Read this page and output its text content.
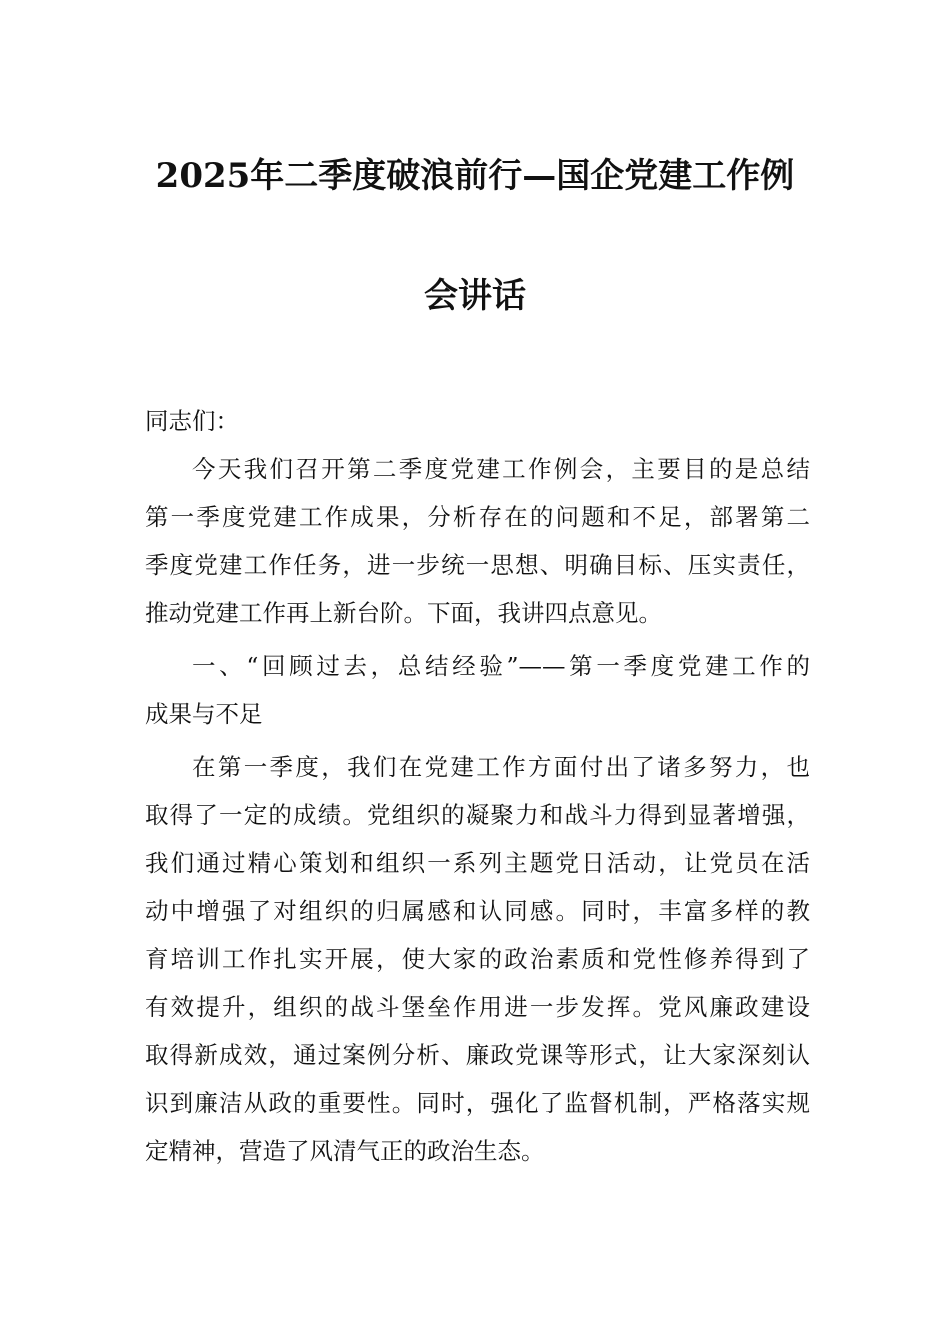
2025年二季度破浪前行—国企党建工作例
会讲话
同志们：
今天我们召开第二季度党建工作例会，主要目的是总结
第一季度党建工作成果，分析存在的问题和不足，部署第二
季度党建工作任务，进一步统一思想、明确目标、压实责任，
推动党建工作再上新台阶。下面，我讲四点意见。
一、“回顾过去，总结经验”——第一季度党建工作的
成果与不足
在第一季度，我们在党建工作方面付出了诸多努力，也
取得了一定的成绩。党组织的凝聚力和战斗力得到显著增强，
我们通过精心策划和组织一系列主题党日活动，让党员在活
动中增强了对组织的归属感和认同感。同时，丰富多样的教
育培训工作扎实开展，使大家的政治素质和党性修养得到了
有效提升，组织的战斗堡垒作用进一步发挥。党风廉政建设
取得新成效，通过案例分析、廉政党课等形式，让大家深刻认
识到廉洁从政的重要性。同时，强化了监督机制，严格落实规
定精神，营造了风清气正的政治生态。
